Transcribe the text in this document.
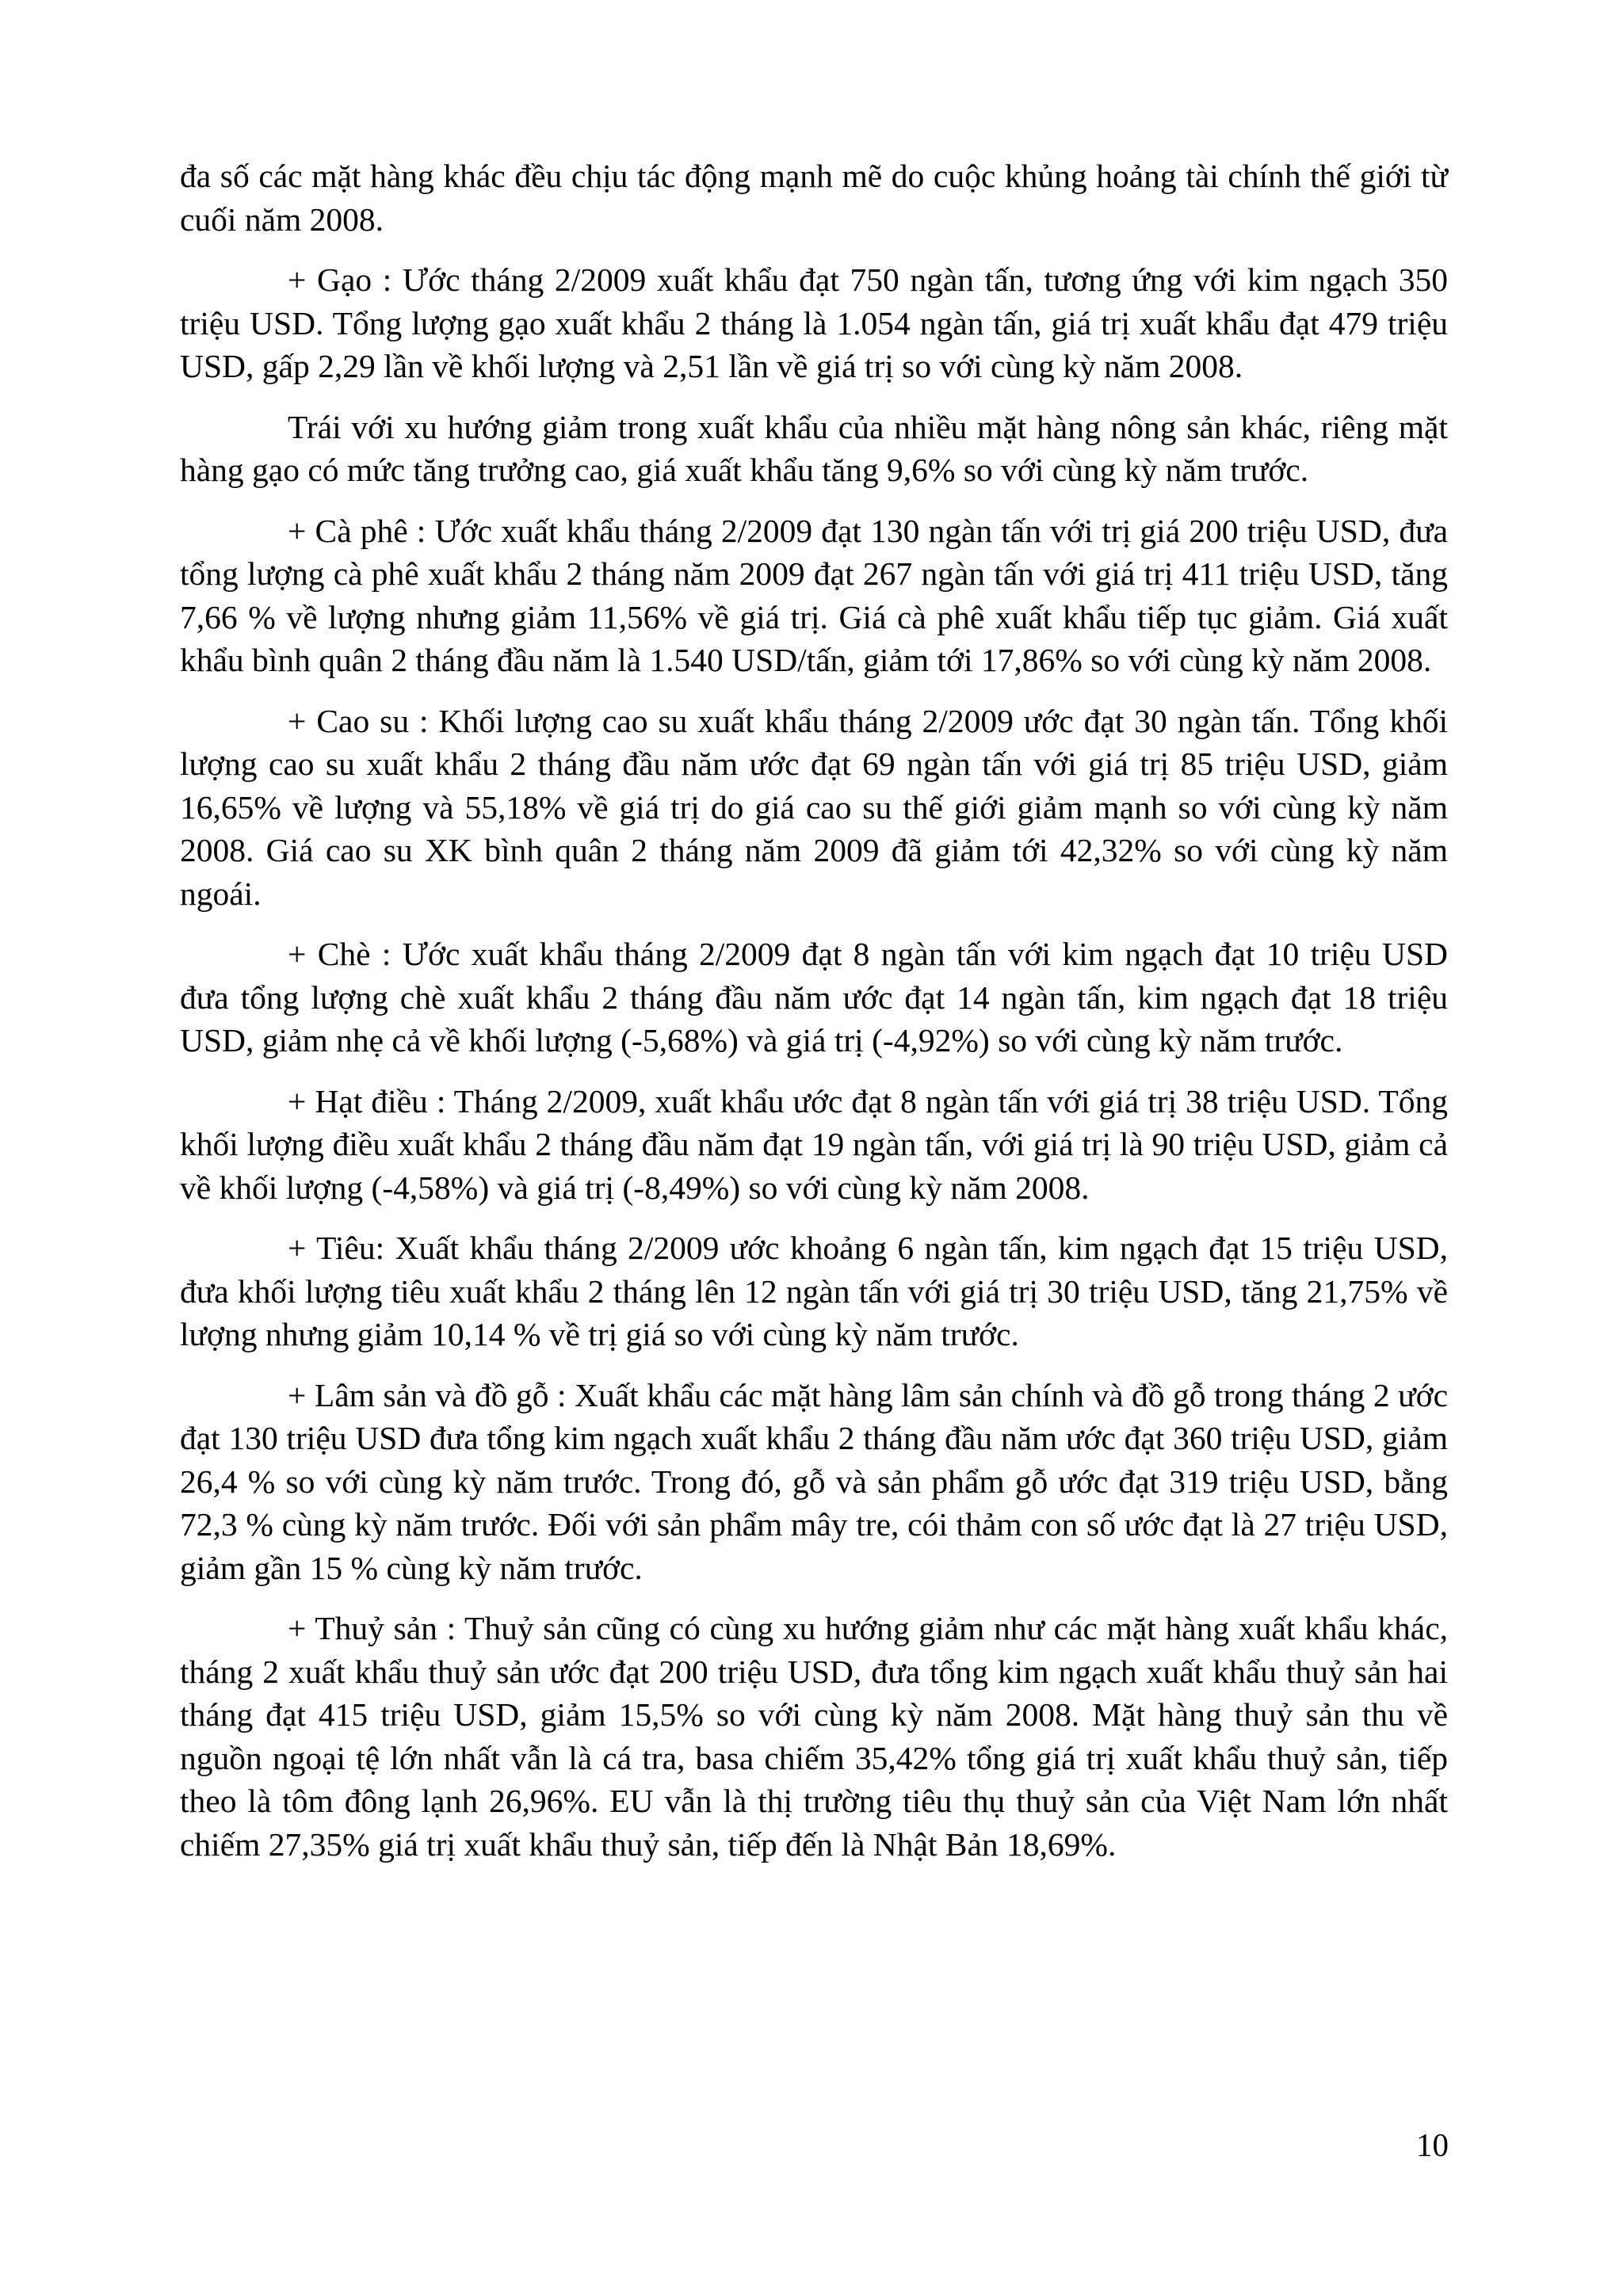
đa số các mặt hàng khác đều chịu tác động mạnh mẽ do cuộc khủng hoảng tài chính thế giới từ cuối năm 2008.

+ Gạo : Ước tháng 2/2009 xuất khẩu đạt 750 ngàn tấn, tương ứng với kim ngạch 350 triệu USD. Tổng lượng gạo xuất khẩu 2 tháng là 1.054 ngàn tấn, giá trị xuất khẩu đạt 479 triệu USD, gấp 2,29 lần về khối lượng và 2,51 lần về giá trị so với cùng kỳ năm 2008.

Trái với xu hướng giảm trong xuất khẩu của nhiều mặt hàng nông sản khác, riêng mặt hàng gạo có mức tăng trưởng cao, giá xuất khẩu tăng 9,6% so với cùng kỳ năm trước.

+ Cà phê : Ước xuất khẩu tháng 2/2009 đạt 130 ngàn tấn với trị giá 200 triệu USD, đưa tổng lượng cà phê xuất khẩu 2 tháng năm 2009 đạt 267 ngàn tấn với giá trị 411 triệu USD, tăng 7,66 % về lượng nhưng giảm 11,56% về giá trị. Giá cà phê xuất khẩu tiếp tục giảm. Giá xuất khẩu bình quân 2 tháng đầu năm là 1.540 USD/tấn, giảm tới 17,86% so với cùng kỳ năm 2008.

+ Cao su : Khối lượng cao su xuất khẩu tháng 2/2009 ước đạt 30 ngàn tấn. Tổng khối lượng cao su xuất khẩu 2 tháng đầu năm ước đạt 69 ngàn tấn với giá trị 85 triệu USD, giảm 16,65% về lượng và 55,18% về giá trị do giá cao su thế giới giảm mạnh so với cùng kỳ năm 2008. Giá cao su XK bình quân 2 tháng năm 2009 đã giảm tới 42,32% so với cùng kỳ năm ngoái.

+ Chè : Ước xuất khẩu tháng 2/2009 đạt 8 ngàn tấn với kim ngạch đạt 10 triệu USD đưa tổng lượng chè xuất khẩu 2 tháng đầu năm ước đạt 14 ngàn tấn, kim ngạch đạt 18 triệu USD, giảm nhẹ cả về khối lượng (-5,68%) và giá trị (-4,92%) so với cùng kỳ năm trước.

+ Hạt điều : Tháng 2/2009, xuất khẩu ước đạt 8 ngàn tấn với giá trị 38 triệu USD. Tổng khối lượng điều xuất khẩu 2 tháng đầu năm đạt 19 ngàn tấn, với giá trị là 90 triệu USD, giảm cả về khối lượng (-4,58%) và giá trị (-8,49%) so với cùng kỳ năm 2008.

+ Tiêu: Xuất khẩu tháng 2/2009 ước khoảng 6 ngàn tấn, kim ngạch đạt 15 triệu USD, đưa khối lượng tiêu xuất khẩu 2 tháng lên 12 ngàn tấn với giá trị 30 triệu USD, tăng 21,75% về lượng nhưng giảm 10,14 % về trị giá so với cùng kỳ năm trước.

+ Lâm sản và đồ gỗ : Xuất khẩu các mặt hàng lâm sản chính và đồ gỗ trong tháng 2 ước đạt 130 triệu USD đưa tổng kim ngạch xuất khẩu 2 tháng đầu năm ước đạt 360 triệu USD, giảm 26,4 % so với cùng kỳ năm trước. Trong đó, gỗ và sản phẩm gỗ ước đạt 319 triệu USD, bằng 72,3 % cùng kỳ năm trước. Đối với sản phẩm mây tre, cói thảm con số ước đạt là 27 triệu USD, giảm gần 15 % cùng kỳ năm trước.

+ Thuỷ sản : Thuỷ sản cũng có cùng xu hướng giảm như các mặt hàng xuất khẩu khác, tháng 2 xuất khẩu thuỷ sản ước đạt 200 triệu USD, đưa tổng kim ngạch xuất khẩu thuỷ sản hai tháng đạt 415 triệu USD, giảm 15,5% so với cùng kỳ năm 2008. Mặt hàng thuỷ sản thu về nguồn ngoại tệ lớn nhất vẫn là cá tra, basa chiếm 35,42% tổng giá trị xuất khẩu thuỷ sản, tiếp theo là tôm đông lạnh 26,96%. EU vẫn là thị trường tiêu thụ thuỷ sản của Việt Nam lớn nhất chiếm 27,35% giá trị xuất khẩu thuỷ sản, tiếp đến là Nhật Bản 18,69%.

10
